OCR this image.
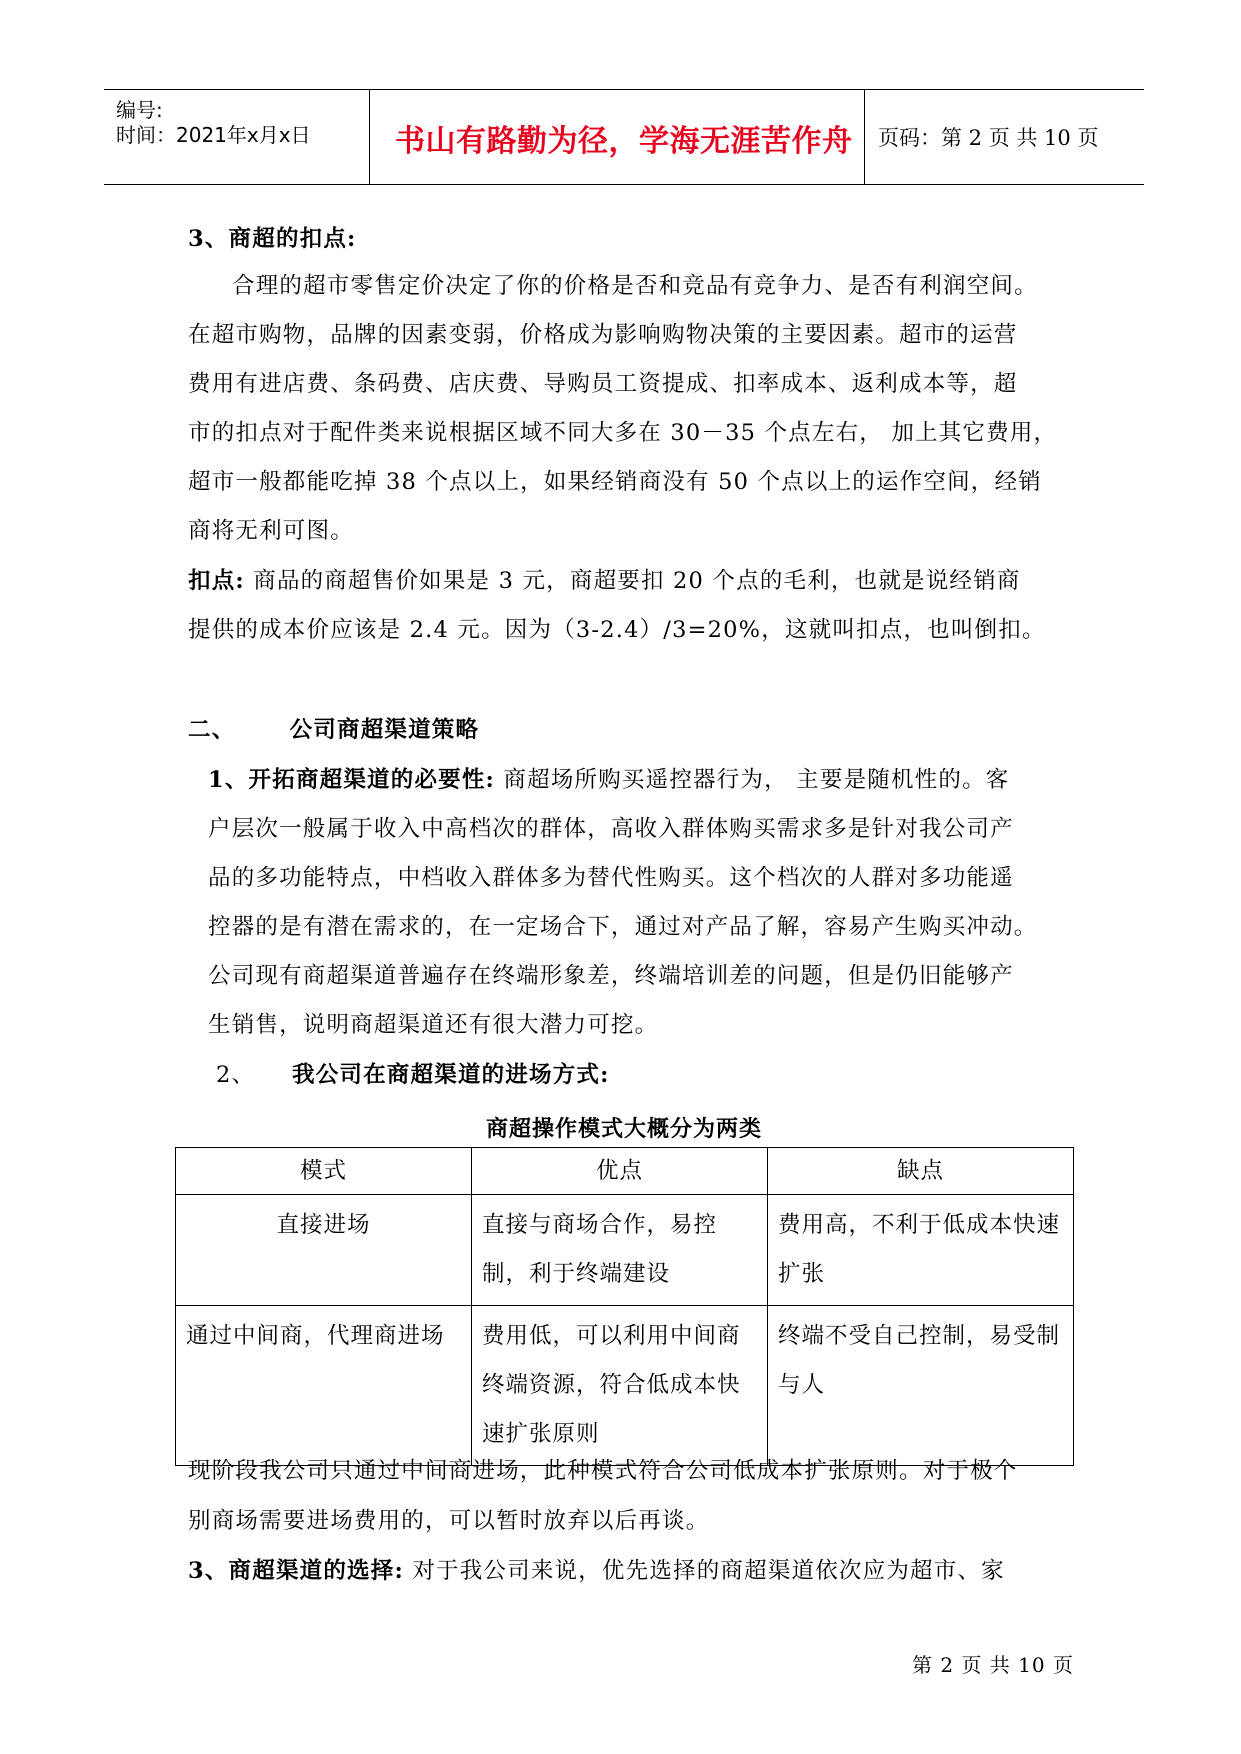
编号:
时间：2021年x月x日	书山有路勤为径，学海无涯苦作舟 页码：第 2 页 共 10 页
3、商超的扣点:
合理的超市零售定价决定了你的价格是否和竞品有竞争力、是否有利润空间。
在超市购物，品牌的因素变弱，价格成为影响购物决策的主要因素。超市的运营
费用有进店费、条码费、店庆费、导购员工资提成、扣率成本、返利成本等，超
市的扣点对于配件类来说根据区域不同大多在 30－35 个点左右， 加上其它费用，
超市一般都能吃掉 38 个点以上，如果经销商没有 50 个点以上的运作空间，经销
商将无利可图。
扣点: 商品的商超售价如果是 3 元，商超要扣 20 个点的毛利，也就是说经销商
提供的成本价应该是 2.4 元。因为（3-2.4）/3=20%，这就叫扣点，也叫倒扣。
二、      公司商超渠道策略
1、开拓商超渠道的必要性: 商超场所购买遥控器行为， 主要是随机性的。客
户层次一般属于收入中高档次的群体，高收入群体购买需求多是针对我公司产
品的多功能特点，中档收入群体多为替代性购买。这个档次的人群对多功能遥
控器的是有潜在需求的，在一定场合下，通过对产品了解，容易产生购买冲动。
公司现有商超渠道普遍存在终端形象差，终端培训差的问题，但是仍旧能够产
生销售，说明商超渠道还有很大潜力可挖。
2、 我公司在商超渠道的进场方式:
商超操作模式大概分为两类
模式	优点	缺点
直接进场	直接与商场合作，易控制，利于终端建设	费用高，不利于低成本快速扩张
通过中间商，代理商进场	费用低，可以利用中间商终端资源，符合低成本快速扩张原则	终端不受自己控制，易受制与人
现阶段我公司只通过中间商进场，此种模式符合公司低成本扩张原则。对于极个
别商场需要进场费用的，可以暂时放弃以后再谈。
3、商超渠道的选择: 对于我公司来说，优先选择的商超渠道依次应为超市、家
第 2 页 共 10 页
